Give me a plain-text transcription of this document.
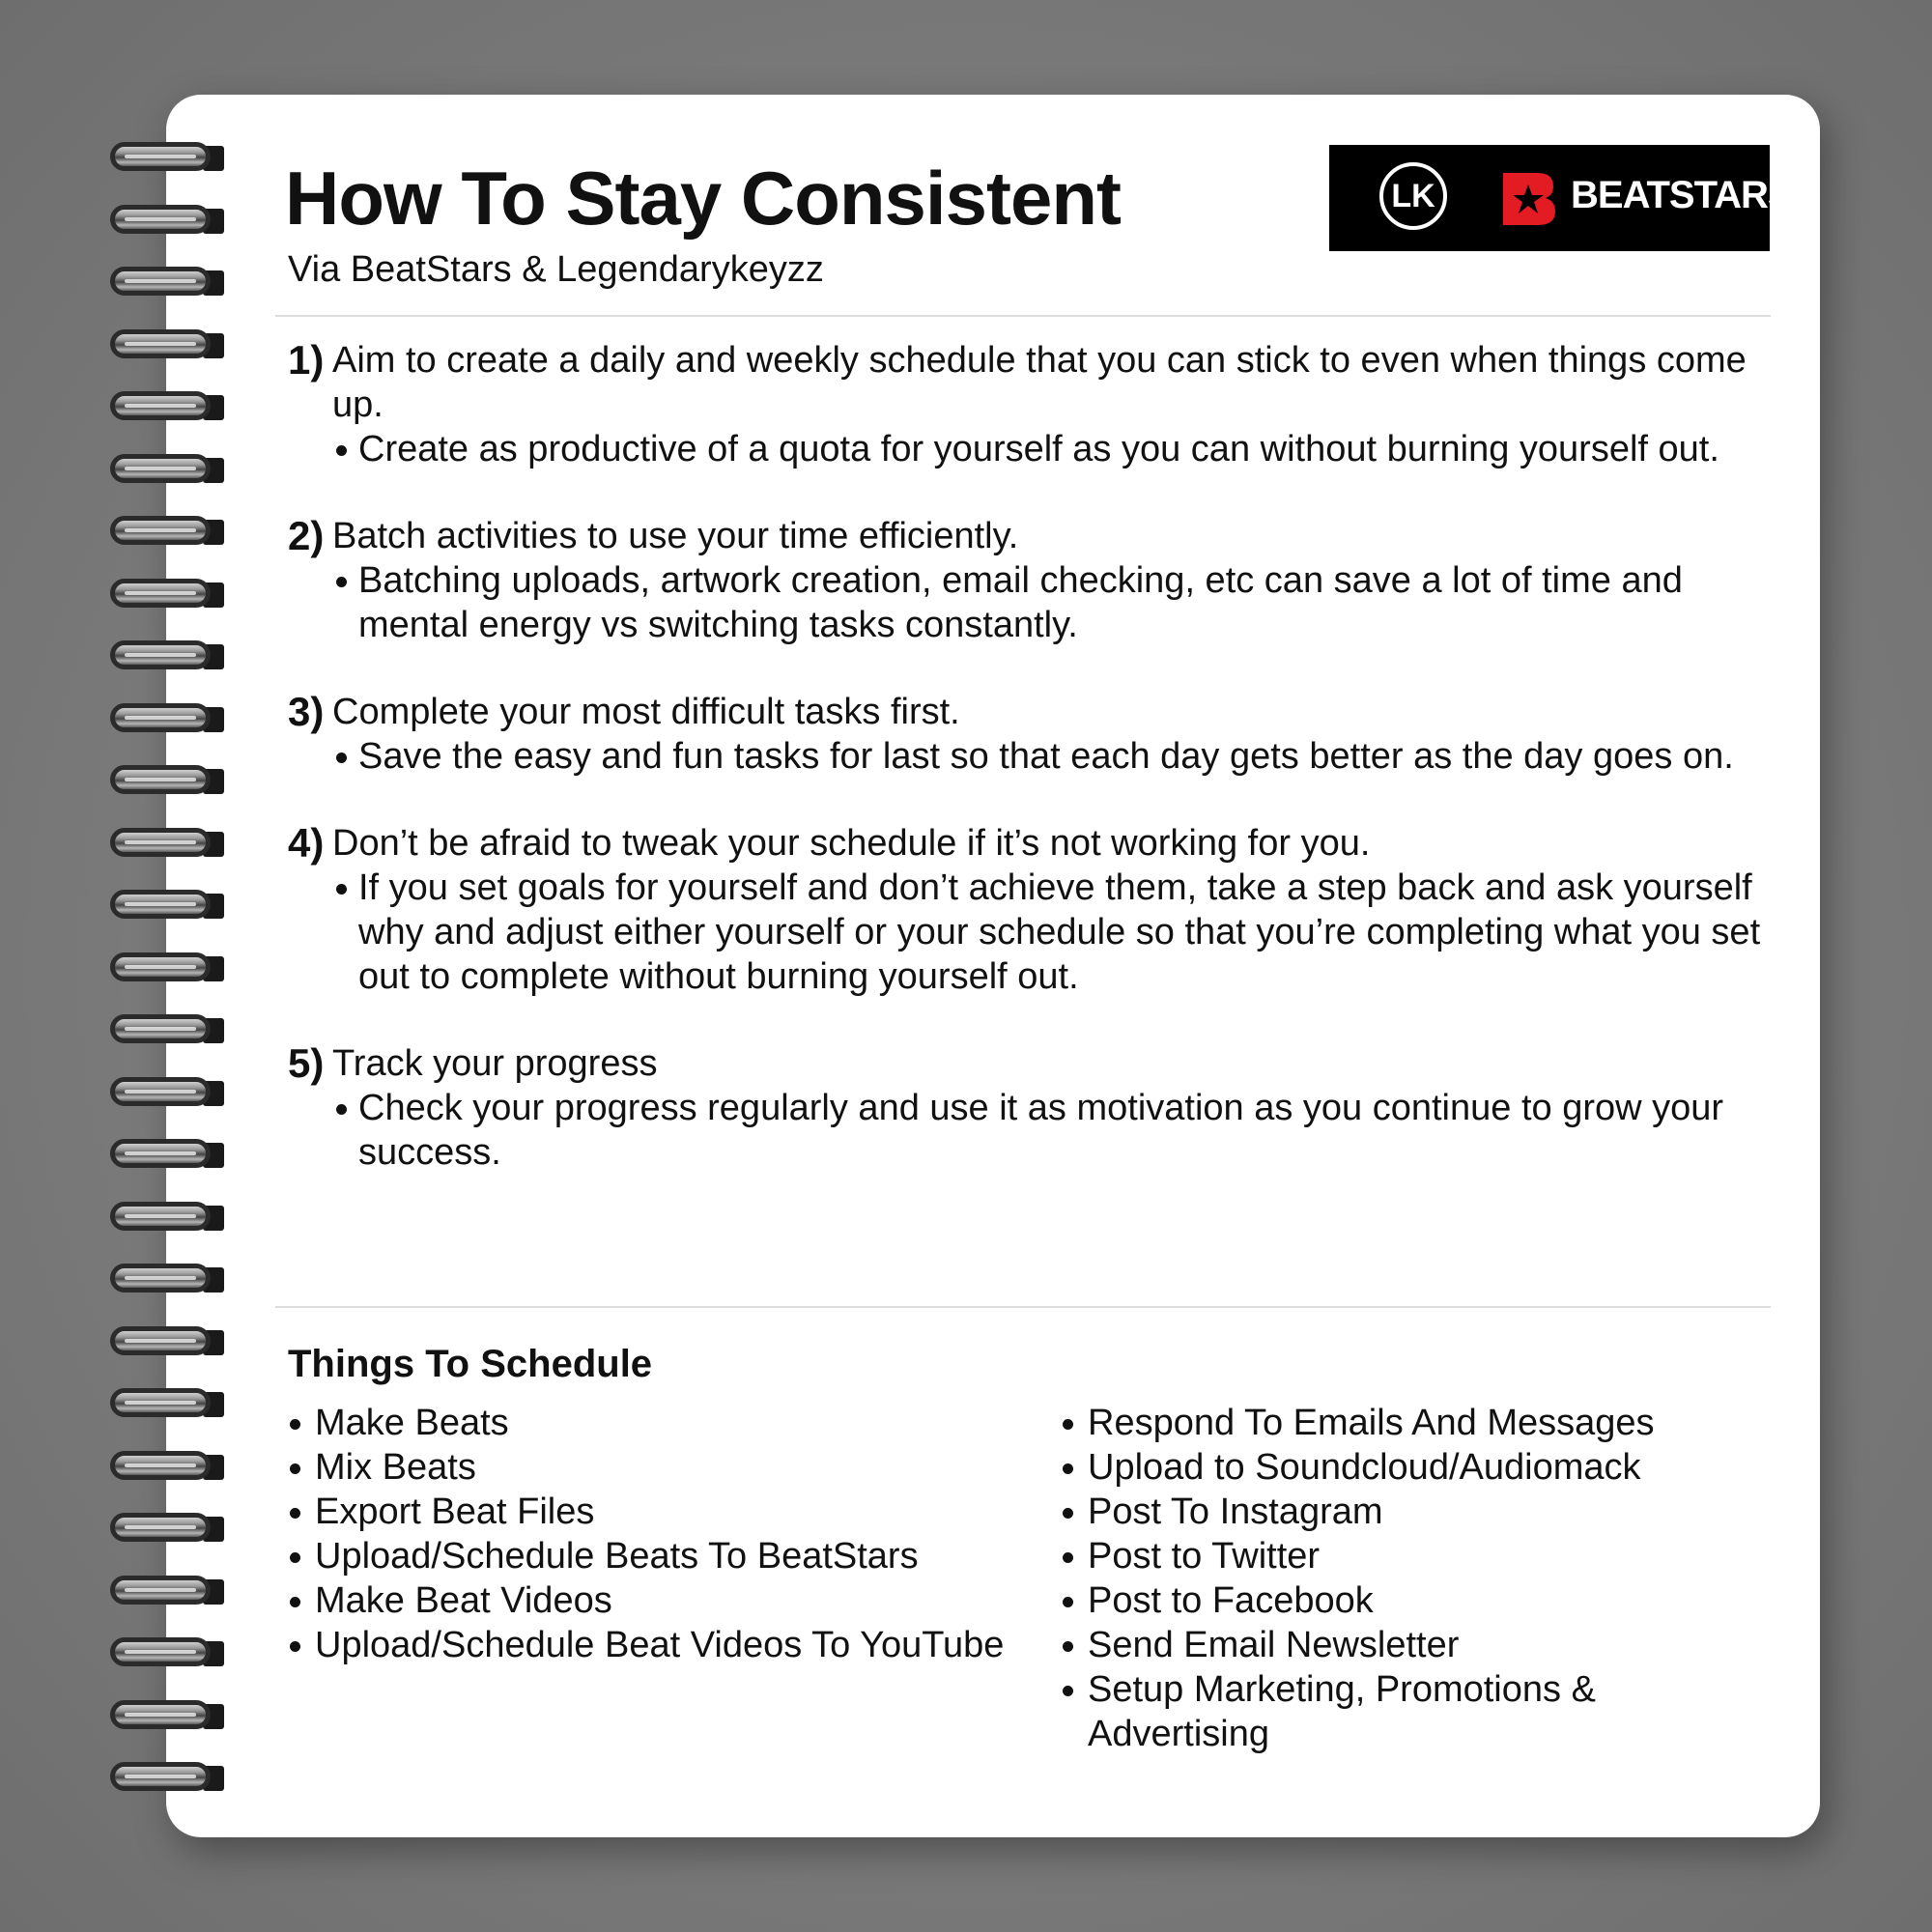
How To Stay Consistent
Via BeatStars & Legendarykeyzz
LK	BEATSTARS
1) Aim to create a daily and weekly schedule that you can stick to even when things come up.
Create as productive of a quota for yourself as you can without burning yourself out.
2) Batch activities to use your time efficiently.
Batching uploads, artwork creation, email checking, etc can save a lot of time and mental energy vs switching tasks constantly.
3) Complete your most difficult tasks first.
Save the easy and fun tasks for last so that each day gets better as the day goes on.
4) Don’t be afraid to tweak your schedule if it’s not working for you.
If you set goals for yourself and don’t achieve them, take a step back and ask yourself why and adjust either yourself or your schedule so that you’re completing what you set out to complete without burning yourself out.
5) Track your progress
Check your progress regularly and use it as motivation as you continue to grow your success.
Things To Schedule
Make Beats
Mix Beats
Export Beat Files
Upload/Schedule Beats To BeatStars
Make Beat Videos
Upload/Schedule Beat Videos To YouTube
Respond To Emails And Messages
Upload to Soundcloud/Audiomack
Post To Instagram
Post to Twitter
Post to Facebook
Send Email Newsletter
Setup Marketing, Promotions & Advertising
